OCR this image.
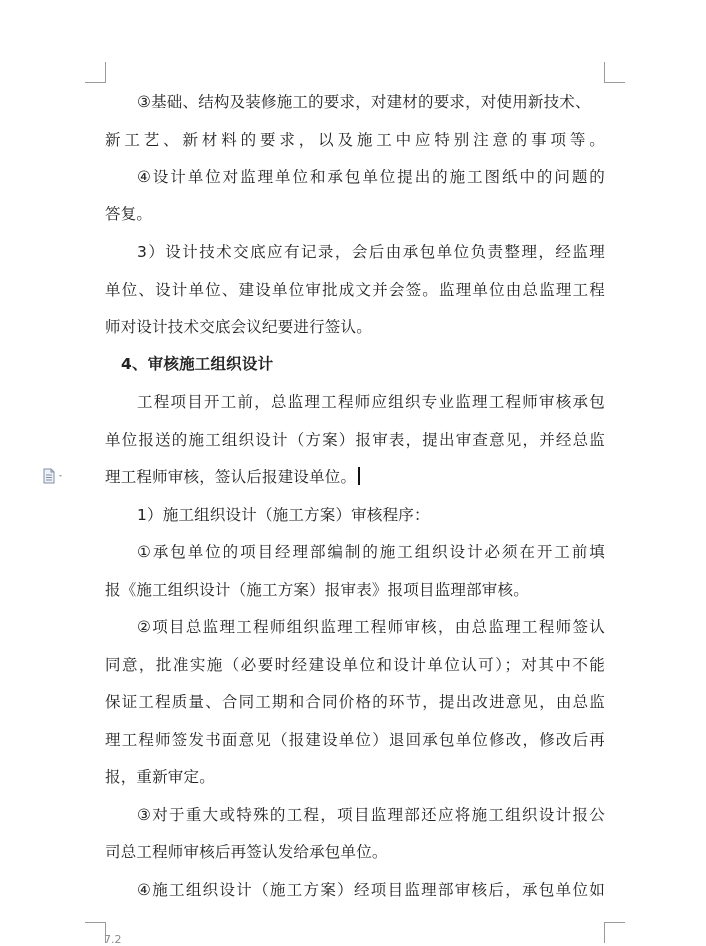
③基础、结构及装修施工的要求，对建材的要求，对使用新技术、
新工艺、新材料的要求，以及施工中应特别注意的事项等。
④设计单位对监理单位和承包单位提出的施工图纸中的问题的
答复。
3）设计技术交底应有记录，会后由承包单位负责整理，经监理
单位、设计单位、建设单位审批成文并会签。监理单位由总监理工程
师对设计技术交底会议纪要进行签认。
4、审核施工组织设计
工程项目开工前，总监理工程师应组织专业监理工程师审核承包
单位报送的施工组织设计（方案）报审表，提出审查意见，并经总监
理工程师审核，签认后报建设单位。
1）施工组织设计（施工方案）审核程序：
①承包单位的项目经理部编制的施工组织设计必须在开工前填
报《施工组织设计（施工方案）报审表》报项目监理部审核。
②项目总监理工程师组织监理工程师审核，由总监理工程师签认
同意，批准实施（必要时经建设单位和设计单位认可）；对其中不能
保证工程质量、合同工期和合同价格的环节，提出改进意见，由总监
理工程师签发书面意见（报建设单位）退回承包单位修改，修改后再
报，重新审定。
③对于重大或特殊的工程，项目监理部还应将施工组织设计报公
司总工程师审核后再签认发给承包单位。
④施工组织设计（施工方案）经项目监理部审核后，承包单位如
7.2
